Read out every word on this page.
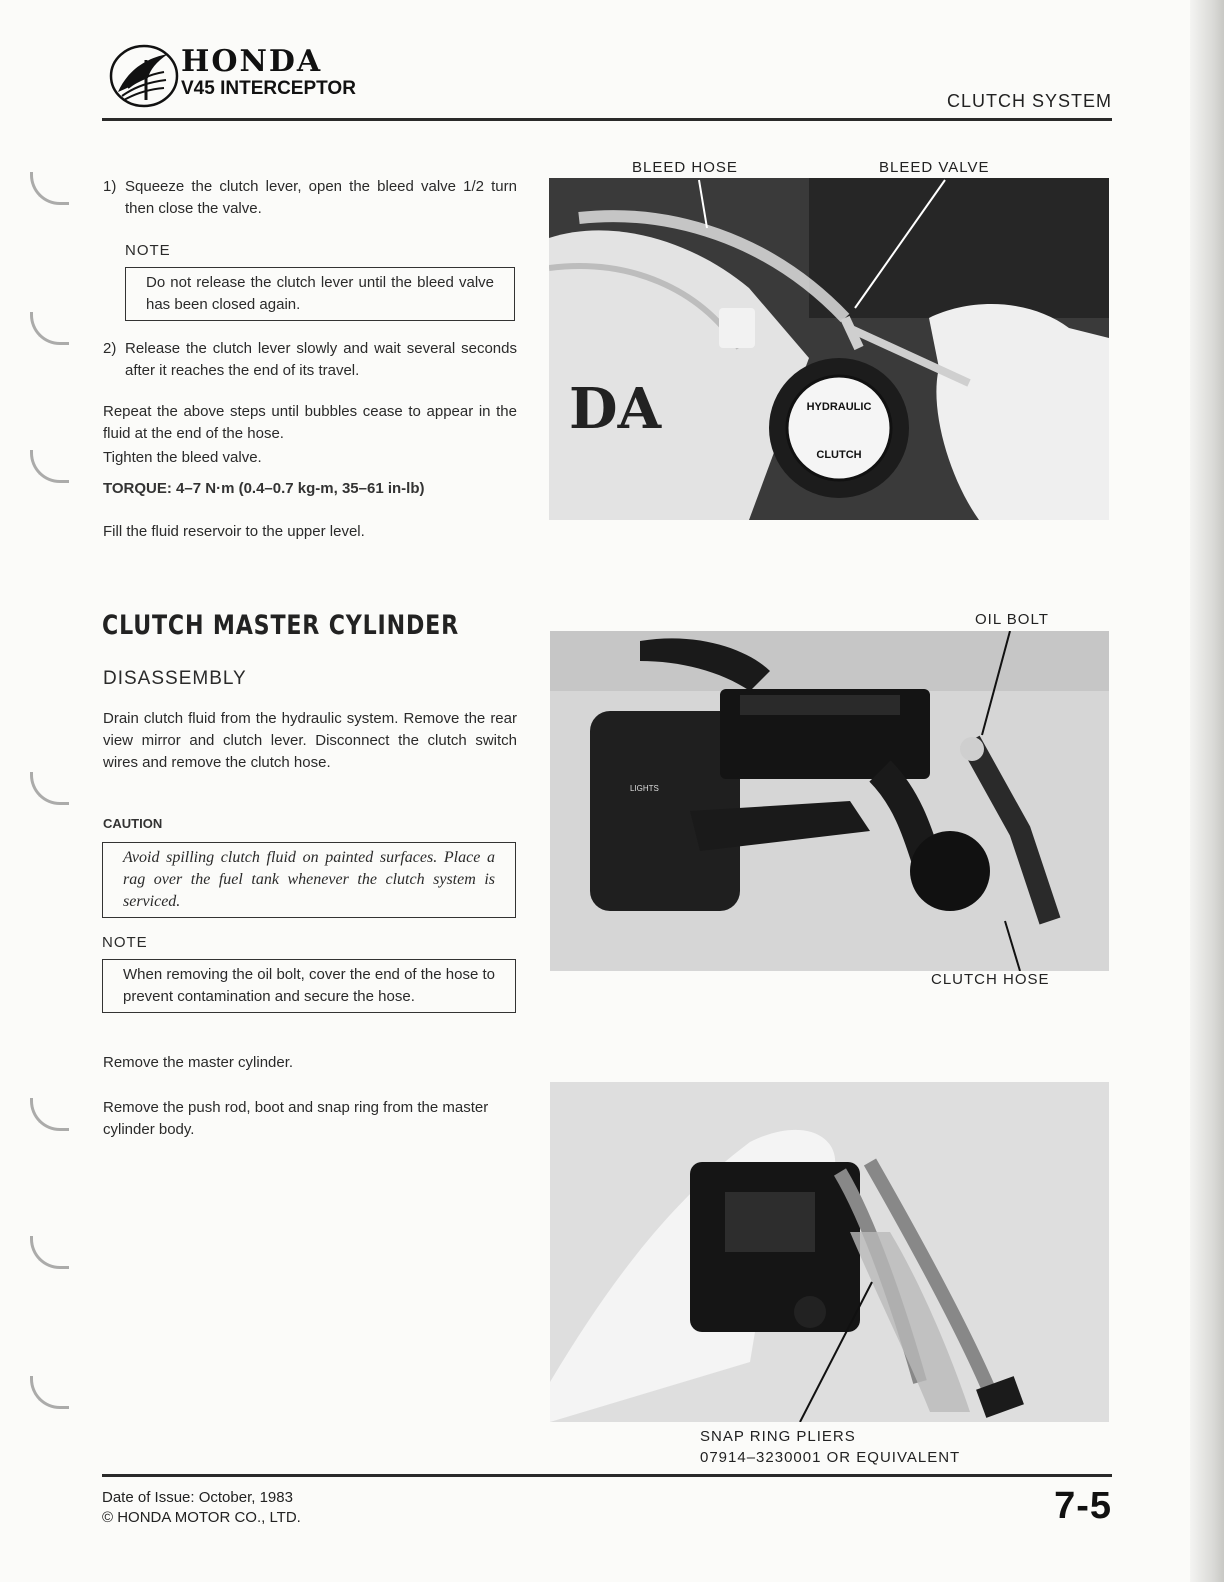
HONDA
V45 INTERCEPTOR
CLUTCH SYSTEM
1) Squeeze the clutch lever, open the bleed valve 1/2 turn then close the valve.
NOTE
Do not release the clutch lever until the bleed valve has been closed again.
2) Release the clutch lever slowly and wait several seconds after it reaches the end of its travel.
Repeat the above steps until bubbles cease to appear in the fluid at the end of the hose.
Tighten the bleed valve.
TORQUE: 4–7 N·m (0.4–0.7 kg-m, 35–61 in-lb)
Fill the fluid reservoir to the upper level.
CLUTCH MASTER CYLINDER
DISASSEMBLY
Drain clutch fluid from the hydraulic system. Remove the rear view mirror and clutch lever. Disconnect the clutch switch wires and remove the clutch hose.
CAUTION
Avoid spilling clutch fluid on painted surfaces. Place a rag over the fuel tank whenever the clutch system is serviced.
NOTE
When removing the oil bolt, cover the end of the hose to prevent contamination and secure the hose.
Remove the master cylinder.
Remove the push rod, boot and snap ring from the master cylinder body.
BLEED HOSE	BLEED VALVE
DA	HYDRAULIC
CLUTCH
OIL BOLT
LIGHTS
CLUTCH HOSE
SNAP RING PLIERS
07914–3230001 OR EQUIVALENT
Date of Issue: October, 1983
© HONDA MOTOR CO., LTD.	7-5
